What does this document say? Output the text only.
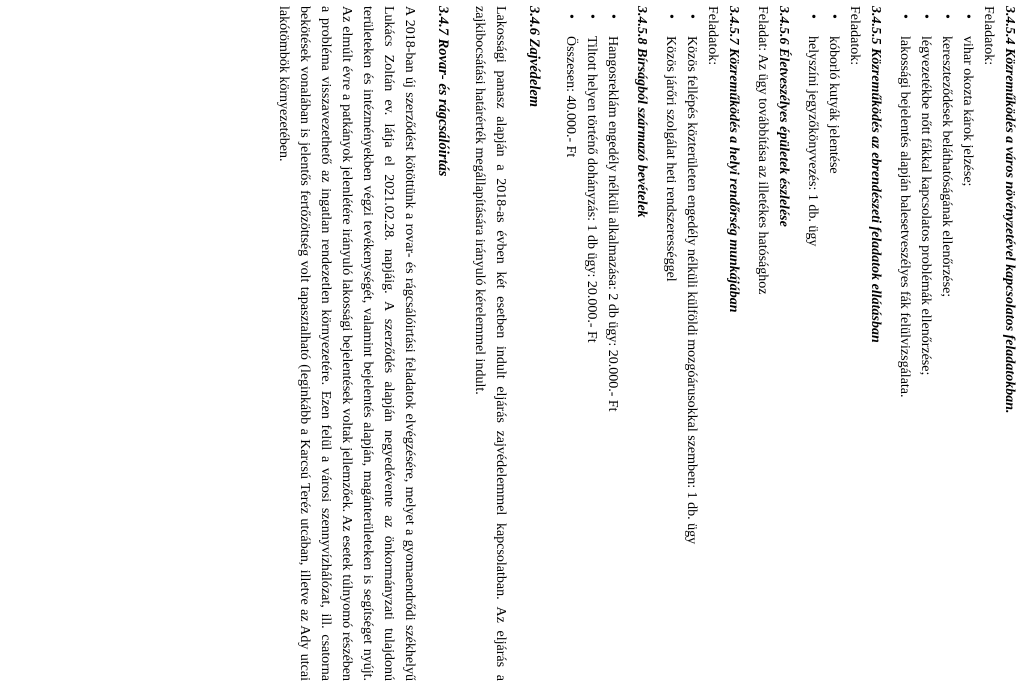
3.4.5.4 Közreműködés a város növényzetével kapcsolatos feladatokban.

Feladatok:

• vihar okozta károk jelzése;
• kereszteződések beláthatóságának ellenőrzése;
• légvezetékbe nőtt fákkal kapcsolatos problémák ellenőrzése;
• lakossági bejelentés alapján balesetveszélyes fák felülvizsgálata.

3.4.5.5 Közreműködés az ebrendészeti feladatok ellátásban

Feladatok:

• kóborló kutyák jelentése
• helyszíni jegyzőkönyvezés: 1 db. ügy

3.4.5.6 Életveszélyes épületek észlelése

Feladat: Az ügy továbbítása az illetékes hatósághoz

3.4.5.7 Közreműködés a helyi rendőrség munkájában

Feladatok:

• Közös fellépés közterületen engedély nélküli külföldi mozgóárusokkal szemben: 1 db. ügy
• Közös járőri szolgálat heti rendszerességgel

3.4.5.8 Bírságból származó bevételek

• Hangosreklám engedély nélküli alkalmazása: 2 db ügy: 20.000.- Ft
• Tiltott helyen történő dohányzás: 1 db ügy: 20.000.- Ft
• Összesen: 40.000.- Ft

3.4.6 Zajvédelem

Lakossági panasz alapján a 2018-as évben két esetben indult eljárás zajvédelemmel kapcsolatban. Az eljárás a zajkibocsátási határérték megállapítására irányuló kérelemmel indult.

3.4.7 Rovar- és rágcsálóirtás

A 2018-ban új szerződést kötöttünk a rovar- és rágcsálóirtási feladatok elvégzésére, melyet a gyomaendrődi székhelyű Lukács Zoltán ev. látja el 2021.02.28. napjáig. A szerződés alapján negyedévente az önkormányzati tulajdonú területeken és intézményekben végzi tevékenységét, valamint bejelentés alapján, magánterületeken is segítséget nyújt. Az elmúlt évre a patkányok jelenlétére irányuló lakossági bejelentések voltak jellemzőek. Az esetek túlnyomó részében a probléma visszavezethető az ingatlan rendezetlen környezetére. Ezen felül a városi szennyvízhálózat, ill. csatorna bekötések vonalában is jelentős fertőzöttség volt tapasztalható (leginkább a Karcsú Teréz utcában, illetve az Ady utcai lakótömbök környezetében.
